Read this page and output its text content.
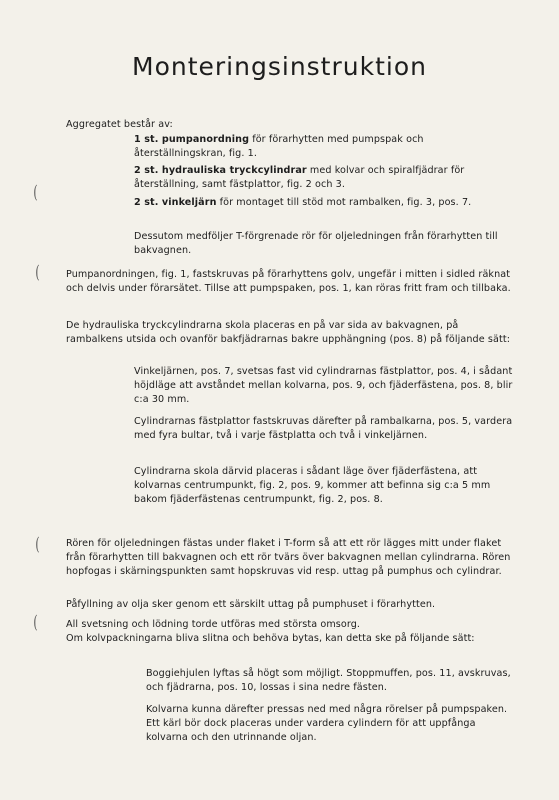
Monteringsinstruktion

Aggregatet består av:

1 st. pumpanordning för förarhytten med pumpspak och återställningskran, fig. 1.

2 st. hydrauliska tryckcylindrar med kolvar och spiralfjädrar för återställning, samt fästplattor, fig. 2 och 3.

2 st. vinkeljärn för montaget till stöd mot rambalken, fig. 3, pos. 7.

Dessutom medföljer T-förgrenade rör för oljeledningen från förarhytten till bakvagnen.

Pumpanordningen, fig. 1, fastskruvas på förarhyttens golv, ungefär i mitten i sidled räknat och delvis under förarsätet. Tillse att pumpspaken, pos. 1, kan röras fritt fram och tillbaka.

De hydrauliska tryckcylindrarna skola placeras en på var sida av bakvagnen, på rambalkens utsida och ovanför bakfjädrarnas bakre upphängning (pos. 8) på följande sätt:

Vinkeljärnen, pos. 7, svetsas fast vid cylindrarnas fästplattor, pos. 4, i sådant höjdläge att avståndet mellan kolvarna, pos. 9, och fjäderfästena, pos. 8, blir c:a 30 mm.

Cylindrarnas fästplattor fastskruvas därefter på rambalkarna, pos. 5, vardera med fyra bultar, två i varje fästplatta och två i vinkeljärnen.

Cylindrarna skola därvid placeras i sådant läge över fjäderfästena, att kolvarnas centrumpunkt, fig. 2, pos. 9, kommer att befinna sig c:a 5 mm bakom fjäderfästenas centrumpunkt, fig. 2, pos. 8.

Rören för oljeledningen fästas under flaket i T-form så att ett rör lägges mitt under flaket från förarhytten till bakvagnen och ett rör tvärs över bakvagnen mellan cylindrarna. Rören hopfogas i skärningspunkten samt hopskruvas vid resp. uttag på pumphus och cylindrar.

Påfyllning av olja sker genom ett särskilt uttag på pumphuset i förarhytten.

All svetsning och lödning torde utföras med största omsorg.

Om kolvpackningarna bliva slitna och behöva bytas, kan detta ske på följande sätt:

Boggiehjulen lyftas så högt som möjligt. Stoppmuffen, pos. 11, avskruvas, och fjädrarna, pos. 10, lossas i sina nedre fästen.

Kolvarna kunna därefter pressas ned med några rörelser på pumpspaken. Ett kärl bör dock placeras under vardera cylindern för att uppfånga kolvarna och den utrinnande oljan.

(
(
(
(
